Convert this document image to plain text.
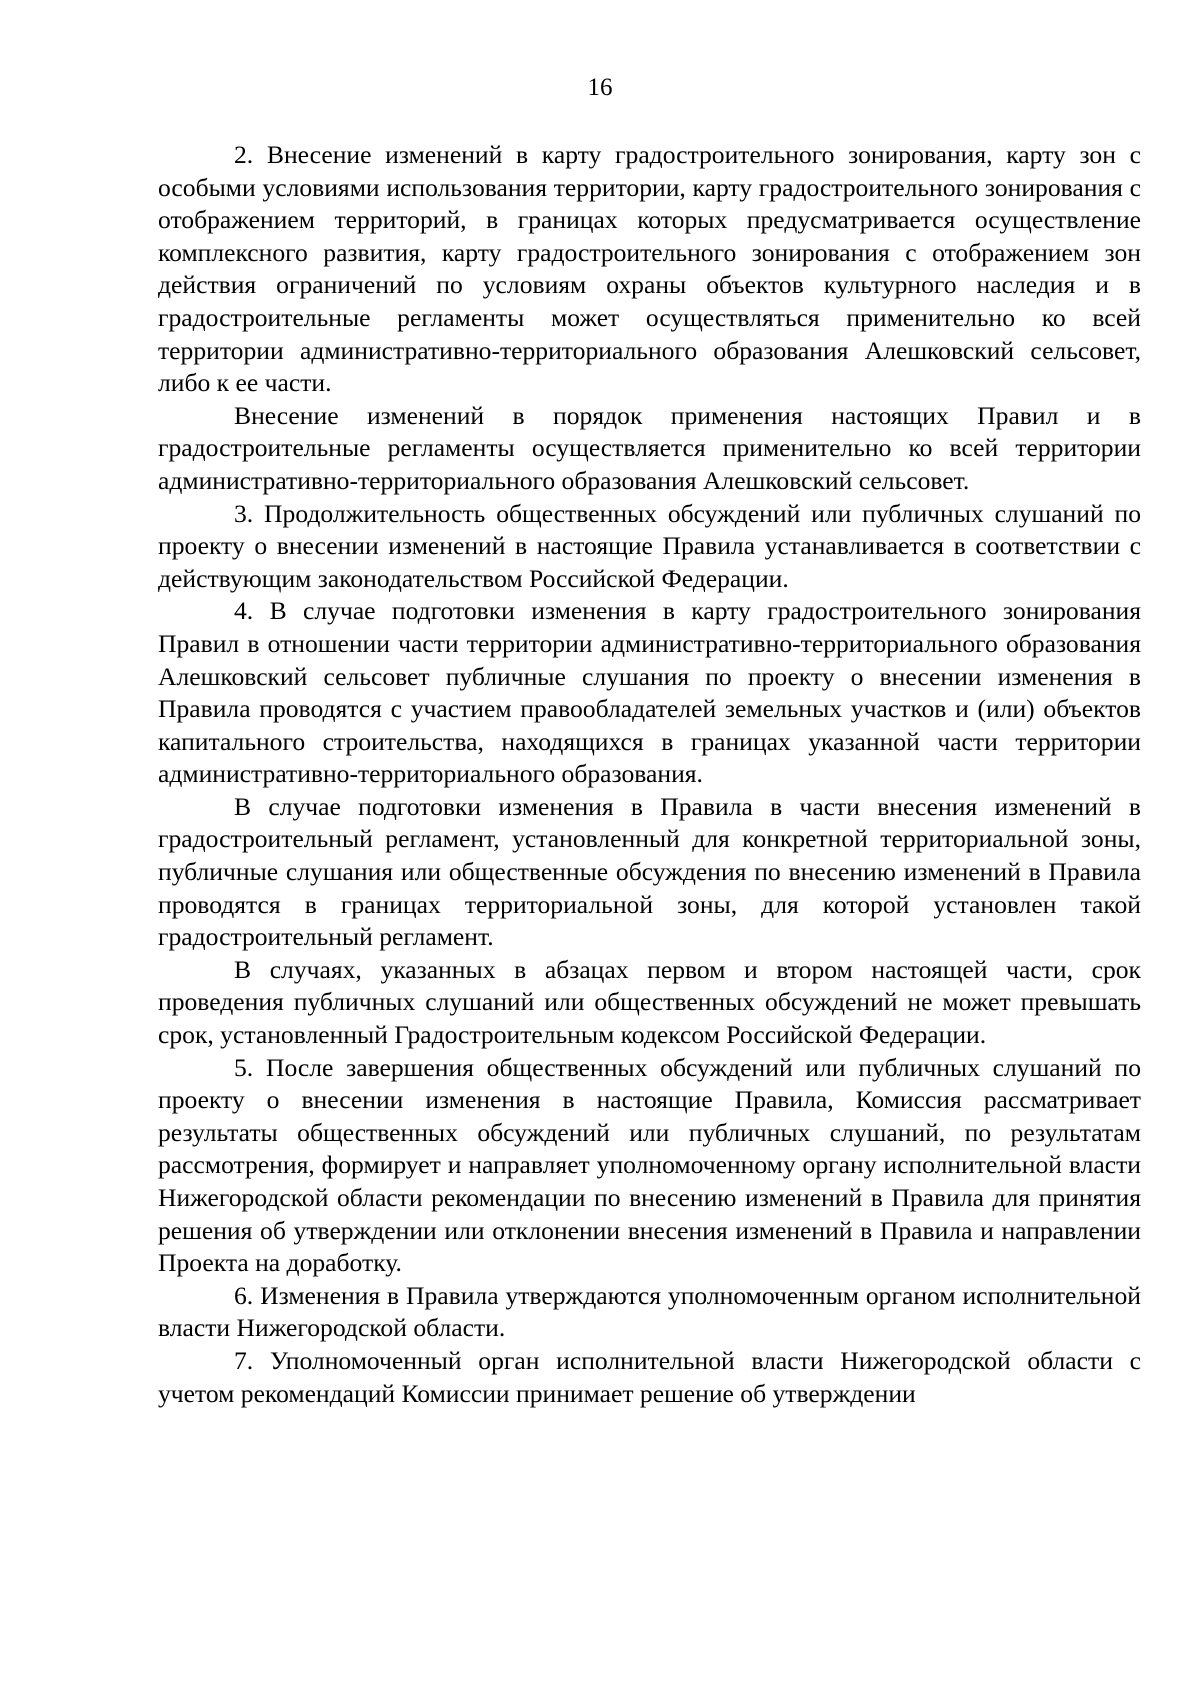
16

2. Внесение изменений в карту градостроительного зонирования, карту зон с особыми условиями использования территории, карту градостроительного зонирования с отображением территорий, в границах которых предусматривается осуществление комплексного развития, карту градостроительного зонирования с отображением зон действия ограничений по условиям охраны объектов культурного наследия и в градостроительные регламенты может осуществляться применительно ко всей территории административно-территориального образования Алешковский сельсовет, либо к ее части.

Внесение изменений в порядок применения настоящих Правил и в градостроительные регламенты осуществляется применительно ко всей территории административно-территориального образования Алешковский сельсовет.

3. Продолжительность общественных обсуждений или публичных слушаний по проекту о внесении изменений в настоящие Правила устанавливается в соответствии с действующим законодательством Российской Федерации.

4. В случае подготовки изменения в карту градостроительного зонирования Правил в отношении части территории административно-территориального образования Алешковский сельсовет публичные слушания по проекту о внесении изменения в Правила проводятся с участием правообладателей земельных участков и (или) объектов капитального строительства, находящихся в границах указанной части территории административно-территориального образования.

В случае подготовки изменения в Правила в части внесения изменений в градостроительный регламент, установленный для конкретной территориальной зоны, публичные слушания или общественные обсуждения по внесению изменений в Правила проводятся в границах территориальной зоны, для которой установлен такой градостроительный регламент.

В случаях, указанных в абзацах первом и втором настоящей части, срок проведения публичных слушаний или общественных обсуждений не может превышать срок, установленный Градостроительным кодексом Российской Федерации.

5. После завершения общественных обсуждений или публичных слушаний по проекту о внесении изменения в настоящие Правила, Комиссия рассматривает результаты общественных обсуждений или публичных слушаний, по результатам рассмотрения, формирует и направляет уполномоченному органу исполнительной власти Нижегородской области рекомендации по внесению изменений в Правила для принятия решения об утверждении или отклонении внесения изменений в Правила и направлении Проекта на доработку.

6. Изменения в Правила утверждаются уполномоченным органом исполнительной власти Нижегородской области.

7. Уполномоченный орган исполнительной власти Нижегородской области с учетом рекомендаций Комиссии принимает решение об утверждении
